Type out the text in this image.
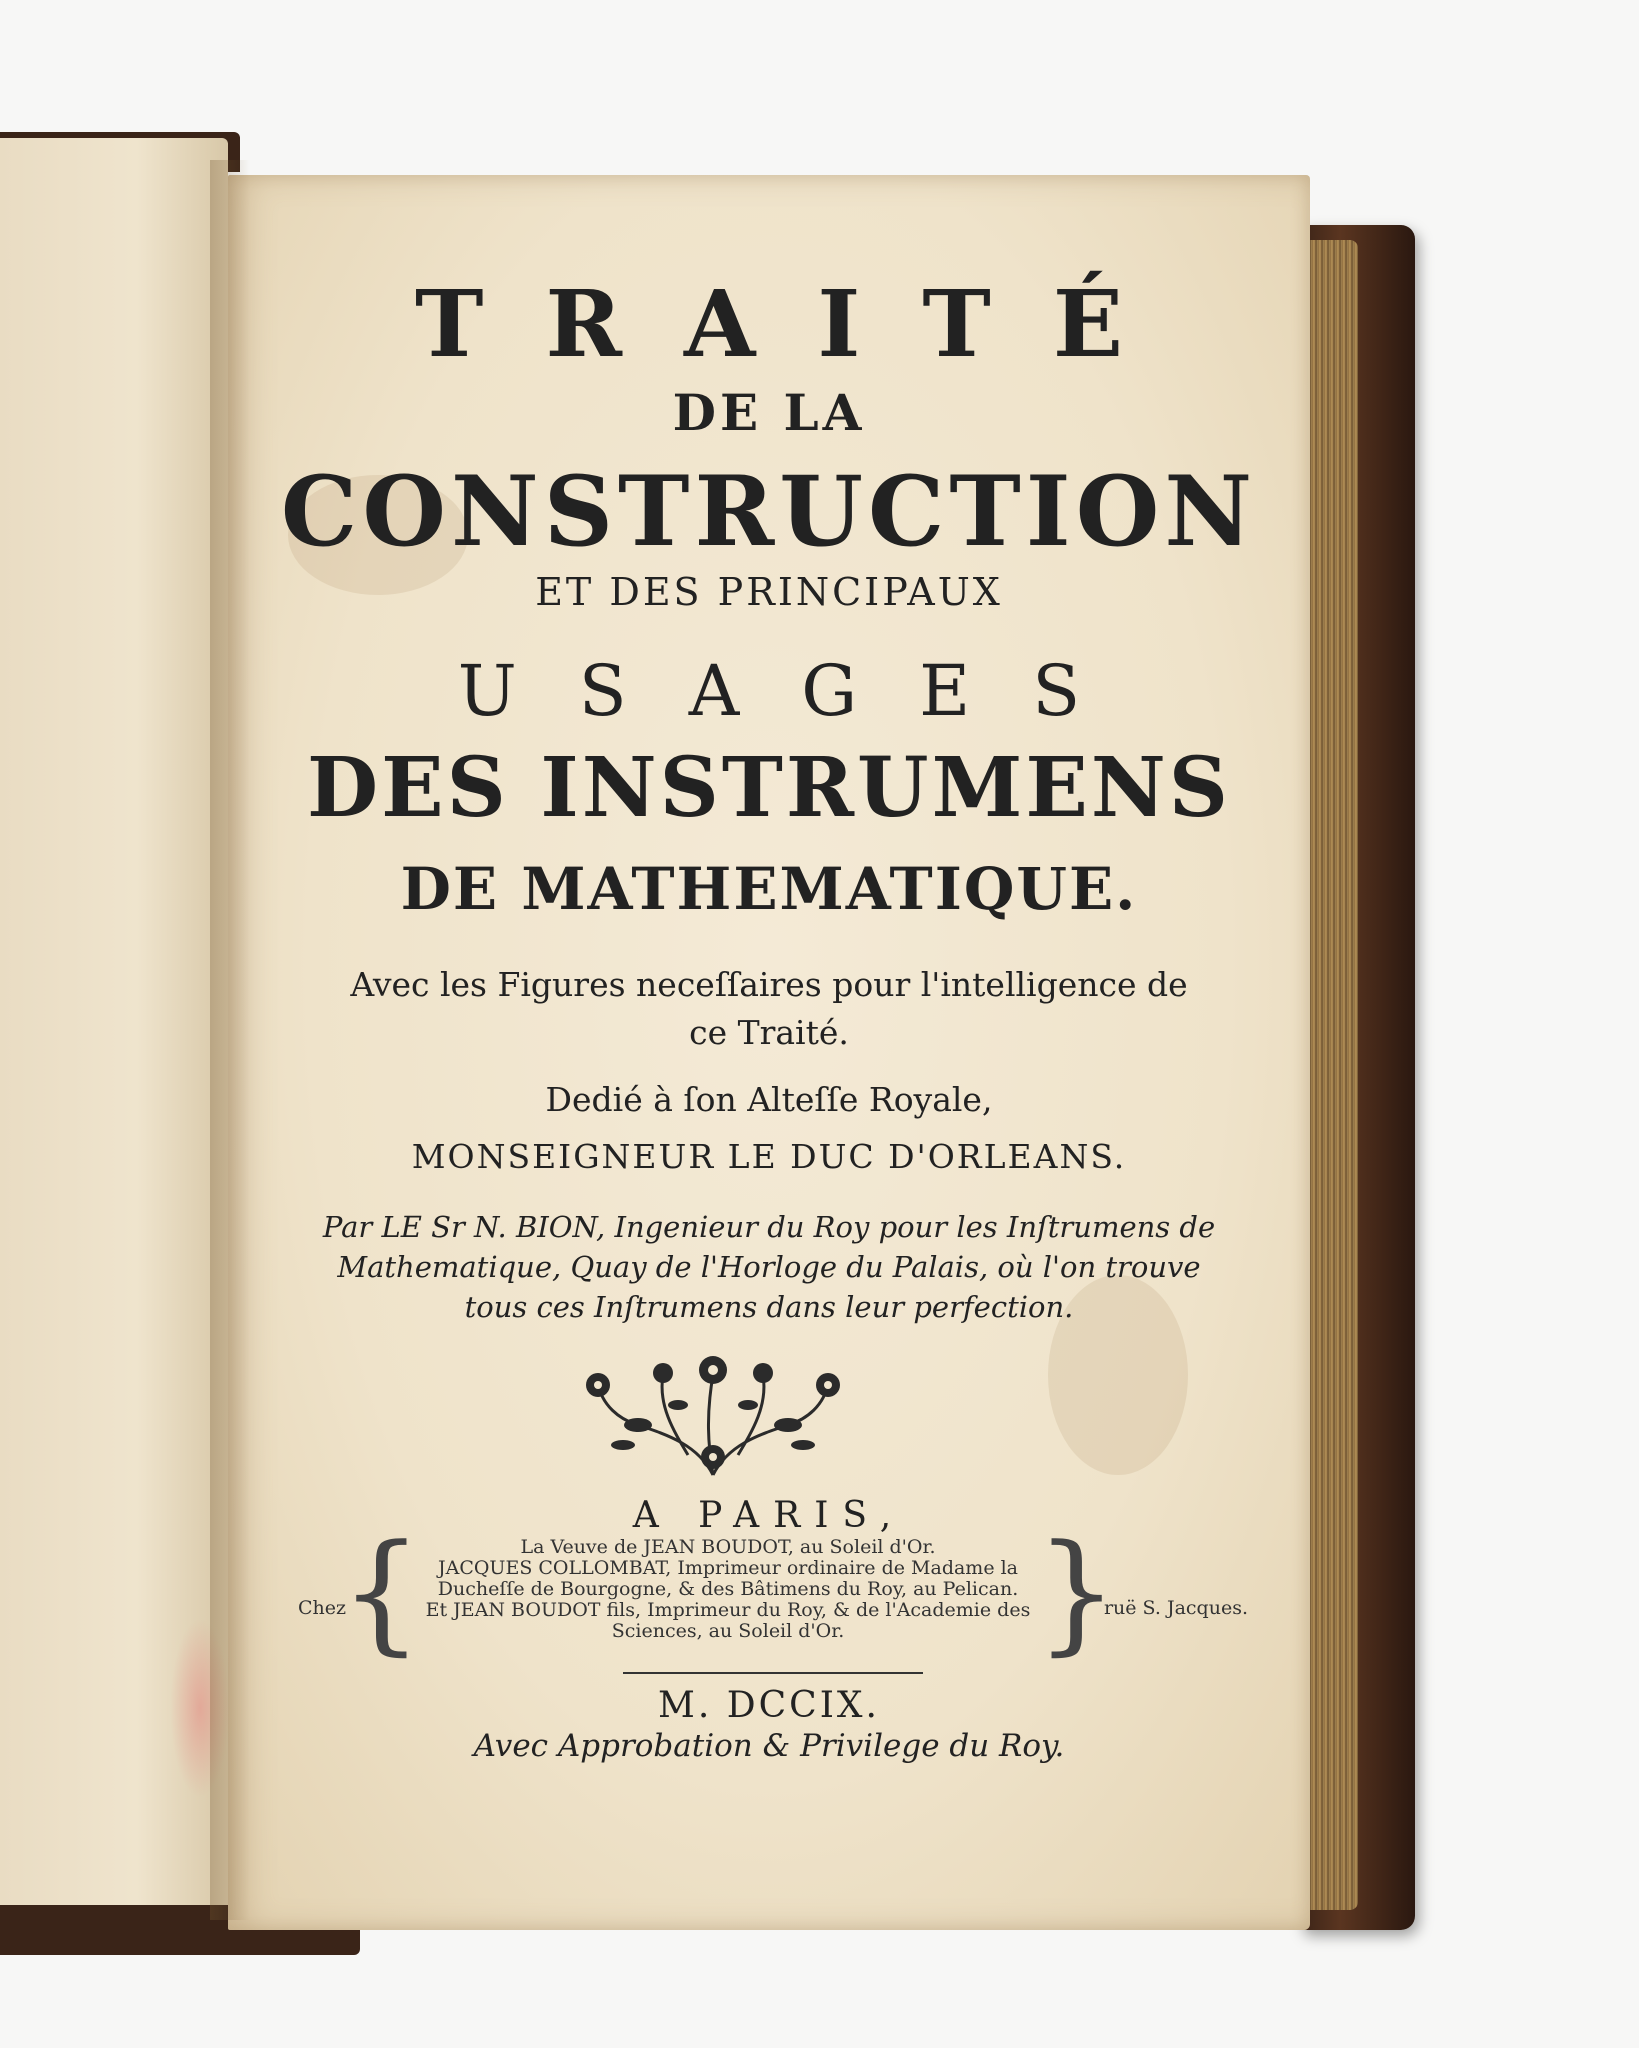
TRAITÉ
DE LA
CONSTRUCTION
ET DES PRINCIPAUX
USAGES
DES INSTRUMENS
DE MATHEMATIQUE.
Avec les Figures neceſſaires pour l'intelligence de
ce Traité.
Dedié à ſon Alteſſe Royale,
MONSEIGNEUR LE DUC D'ORLEANS.
Par LE Sr N. BION, Ingenieur du Roy pour les Inſtrumens de
Mathematique, Quay de l'Horloge du Palais, où l'on trouve
tous ces Inſtrumens dans leur perfection.
A PARIS,
Chez
{	La Veuve de JEAN BOUDOT, au Soleil d'Or.
JACQUES COLLOMBAT, Imprimeur ordinaire de Madame la
Ducheſſe de Bourgogne, & des Bâtimens du Roy, au Pelican.
Et JEAN BOUDOT fils, Imprimeur du Roy, & de l'Academie des
Sciences, au Soleil d'Or.	}
ruë S. Jacques.
M. DCCIX.
Avec Approbation & Privilege du Roy.
